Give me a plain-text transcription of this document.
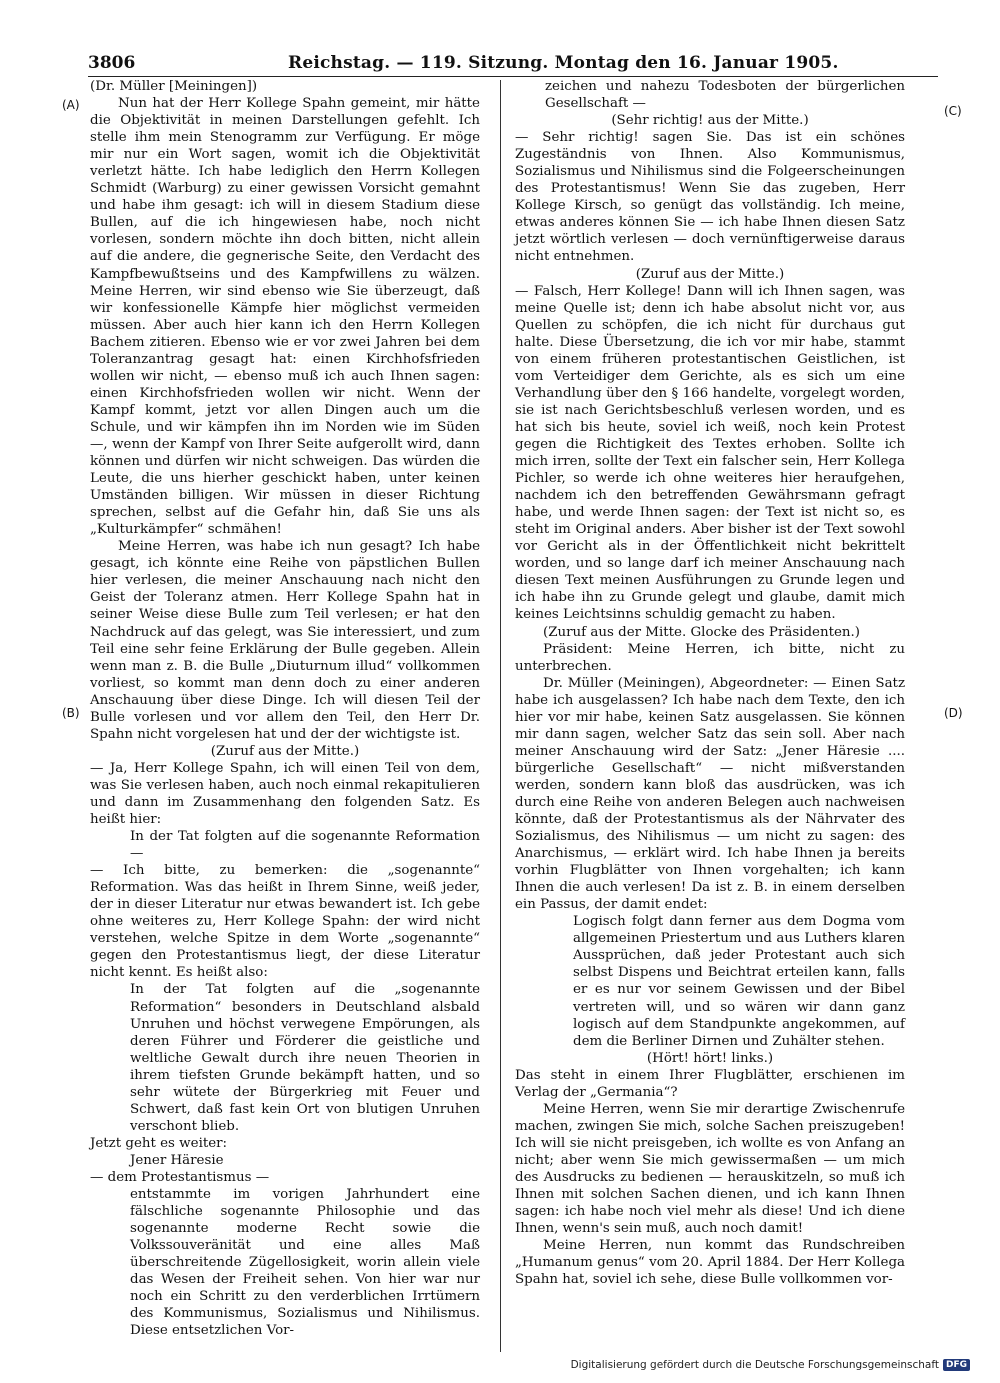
3806	Reichstag. — 119. Sitzung. Montag den 16. Januar 1905.
(A)
(B)
(C)
(D)

(Dr. Müller [Meiningen])

Nun hat der Herr Kollege Spahn gemeint, mir hätte die Objektivität in meinen Darstellungen gefehlt. Ich stelle ihm mein Stenogramm zur Verfügung. Er möge mir nur ein Wort sagen, womit ich die Objektivität verletzt hätte. Ich habe lediglich den Herrn Kollegen Schmidt (Warburg) zu einer gewissen Vorsicht gemahnt und habe ihm gesagt: ich will in diesem Stadium diese Bullen, auf die ich hingewiesen habe, noch nicht vorlesen, sondern möchte ihn doch bitten, nicht allein auf die andere, die gegnerische Seite, den Verdacht des Kampfbewußtseins und des Kampfwillens zu wälzen. Meine Herren, wir sind ebenso wie Sie überzeugt, daß wir konfessionelle Kämpfe hier möglichst vermeiden müssen. Aber auch hier kann ich den Herrn Kollegen Bachem zitieren. Ebenso wie er vor zwei Jahren bei dem Toleranzantrag gesagt hat: einen Kirchhofsfrieden wollen wir nicht, — ebenso muß ich auch Ihnen sagen: einen Kirchhofsfrieden wollen wir nicht. Wenn der Kampf kommt, jetzt vor allen Dingen auch um die Schule, und wir kämpfen ihn im Norden wie im Süden —, wenn der Kampf von Ihrer Seite aufgerollt wird, dann können und dürfen wir nicht schweigen. Das würden die Leute, die uns hierher geschickt haben, unter keinen Umständen billigen. Wir müssen in dieser Richtung sprechen, selbst auf die Gefahr hin, daß Sie uns als „Kulturkämpfer“ schmähen!

Meine Herren, was habe ich nun gesagt? Ich habe gesagt, ich könnte eine Reihe von päpstlichen Bullen hier verlesen, die meiner Anschauung nach nicht den Geist der Toleranz atmen. Herr Kollege Spahn hat in seiner Weise diese Bulle zum Teil verlesen; er hat den Nachdruck auf das gelegt, was Sie interessiert, und zum Teil eine sehr feine Erklärung der Bulle gegeben. Allein wenn man z. B. die Bulle „Diuturnum illud“ vollkommen vorliest, so kommt man denn doch zu einer anderen Anschauung über diese Dinge. Ich will diesen Teil der Bulle vorlesen und vor allem den Teil, den Herr Dr. Spahn nicht vorgelesen hat und der der wichtigste ist.

(Zuruf aus der Mitte.)

— Ja, Herr Kollege Spahn, ich will einen Teil von dem, was Sie verlesen haben, auch noch einmal rekapitulieren und dann im Zusammenhang den folgenden Satz. Es heißt hier:

In der Tat folgten auf die sogenannte Reformation —

— Ich bitte, zu bemerken: die „sogenannte“ Reformation. Was das heißt in Ihrem Sinne, weiß jeder, der in dieser Literatur nur etwas bewandert ist. Ich gebe ohne weiteres zu, Herr Kollege Spahn: der wird nicht verstehen, welche Spitze in dem Worte „sogenannte“ gegen den Protestantismus liegt, der diese Literatur nicht kennt. Es heißt also:

In der Tat folgten auf die „sogenannte Reformation“ besonders in Deutschland alsbald Unruhen und höchst verwegene Empörungen, als deren Führer und Förderer die geistliche und weltliche Gewalt durch ihre neuen Theorien in ihrem tiefsten Grunde bekämpft hatten, und so sehr wütete der Bürgerkrieg mit Feuer und Schwert, daß fast kein Ort von blutigen Unruhen verschont blieb.

Jetzt geht es weiter:

Jener Häresie

— dem Protestantismus —

entstammte im vorigen Jahrhundert eine fälschliche sogenannte Philosophie und das sogenannte moderne Recht sowie die Volkssouveränität und eine alles Maß überschreitende Zügellosigkeit, worin allein viele das Wesen der Freiheit sehen. Von hier war nur noch ein Schritt zu den verderblichen Irrtümern des Kommunismus, Sozialismus und Nihilismus. Diese entsetzlichen Vor-

zeichen und nahezu Todesboten der bürgerlichen Gesellschaft —

(Sehr richtig! aus der Mitte.)

— Sehr richtig! sagen Sie. Das ist ein schönes Zugeständnis von Ihnen. Also Kommunismus, Sozialismus und Nihilismus sind die Folgeerscheinungen des Protestantismus! Wenn Sie das zugeben, Herr Kollege Kirsch, so genügt das vollständig. Ich meine, etwas anderes können Sie — ich habe Ihnen diesen Satz jetzt wörtlich verlesen — doch vernünftigerweise daraus nicht entnehmen.

(Zuruf aus der Mitte.)

— Falsch, Herr Kollege! Dann will ich Ihnen sagen, was meine Quelle ist; denn ich habe absolut nicht vor, aus Quellen zu schöpfen, die ich nicht für durchaus gut halte. Diese Übersetzung, die ich vor mir habe, stammt von einem früheren protestantischen Geistlichen, ist vom Verteidiger dem Gerichte, als es sich um eine Verhandlung über den § 166 handelte, vorgelegt worden, sie ist nach Gerichtsbeschluß verlesen worden, und es hat sich bis heute, soviel ich weiß, noch kein Protest gegen die Richtigkeit des Textes erhoben. Sollte ich mich irren, sollte der Text ein falscher sein, Herr Kollega Pichler, so werde ich ohne weiteres hier heraufgehen, nachdem ich den betreffenden Gewährsmann gefragt habe, und werde Ihnen sagen: der Text ist nicht so, es steht im Original anders. Aber bisher ist der Text sowohl vor Gericht als in der Öffentlichkeit nicht bekrittelt worden, und so lange darf ich meiner Anschauung nach diesen Text meinen Ausführungen zu Grunde legen und ich habe ihn zu Grunde gelegt und glaube, damit mich keines Leichtsinns schuldig gemacht zu haben.

(Zuruf aus der Mitte. Glocke des Präsidenten.)

Präsident: Meine Herren, ich bitte, nicht zu unterbrechen.

Dr. Müller (Meiningen), Abgeordneter: — Einen Satz habe ich ausgelassen? Ich habe nach dem Texte, den ich hier vor mir habe, keinen Satz ausgelassen. Sie können mir dann sagen, welcher Satz das sein soll. Aber nach meiner Anschauung wird der Satz: „Jener Häresie .... bürgerliche Gesellschaft“ — nicht mißverstanden werden, sondern kann bloß das ausdrücken, was ich durch eine Reihe von anderen Belegen auch nachweisen könnte, daß der Protestantismus als der Nährvater des Sozialismus, des Nihilismus — um nicht zu sagen: des Anarchismus, — erklärt wird. Ich habe Ihnen ja bereits vorhin Flugblätter von Ihnen vorgehalten; ich kann Ihnen die auch verlesen! Da ist z. B. in einem derselben ein Passus, der damit endet:

Logisch folgt dann ferner aus dem Dogma vom allgemeinen Priestertum und aus Luthers klaren Aussprüchen, daß jeder Protestant auch sich selbst Dispens und Beichtrat erteilen kann, falls er es nur vor seinem Gewissen und der Bibel vertreten will, und so wären wir dann ganz logisch auf dem Standpunkte angekommen, auf dem die Berliner Dirnen und Zuhälter stehen.

(Hört! hört! links.)

Das steht in einem Ihrer Flugblätter, erschienen im Verlag der „Germania“?

Meine Herren, wenn Sie mir derartige Zwischenrufe machen, zwingen Sie mich, solche Sachen preiszugeben! Ich will sie nicht preisgeben, ich wollte es von Anfang an nicht; aber wenn Sie mich gewissermaßen — um mich des Ausdrucks zu bedienen — herauskitzeln, so muß ich Ihnen mit solchen Sachen dienen, und ich kann Ihnen sagen: ich habe noch viel mehr als diese! Und ich diene Ihnen, wenn's sein muß, auch noch damit!

Meine Herren, nun kommt das Rundschreiben „Humanum genus“ vom 20. April 1884. Der Herr Kollega Spahn hat, soviel ich sehe, diese Bulle vollkommen vor-

Digitalisierung gefördert durch die Deutsche Forschungsgemeinschaft DFG
